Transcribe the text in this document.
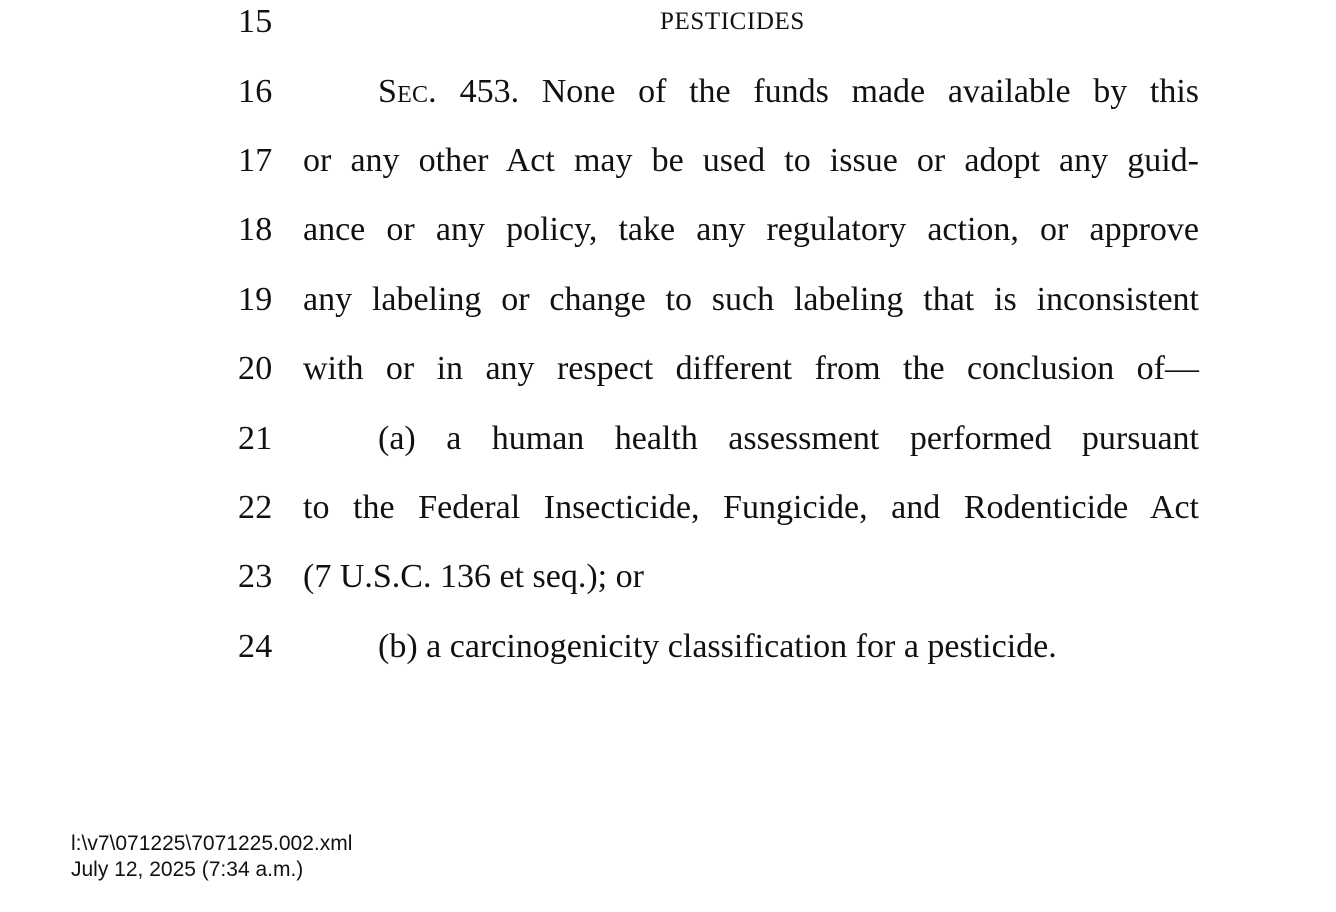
15	PESTICIDES
16	Sec. 453. None of the funds made available by this
17 or any other Act may be used to issue or adopt any guid-
18 ance or any policy, take any regulatory action, or approve
19 any labeling or change to such labeling that is inconsistent
20 with or in any respect different from the conclusion of—
21	(a) a human health assessment performed pursuant
22 to the Federal Insecticide, Fungicide, and Rodenticide Act
23 (7 U.S.C. 136 et seq.); or
24	(b) a carcinogenicity classification for a pesticide.
l:\v7\071225\7071225.002.xml
July 12, 2025 (7:34 a.m.)
